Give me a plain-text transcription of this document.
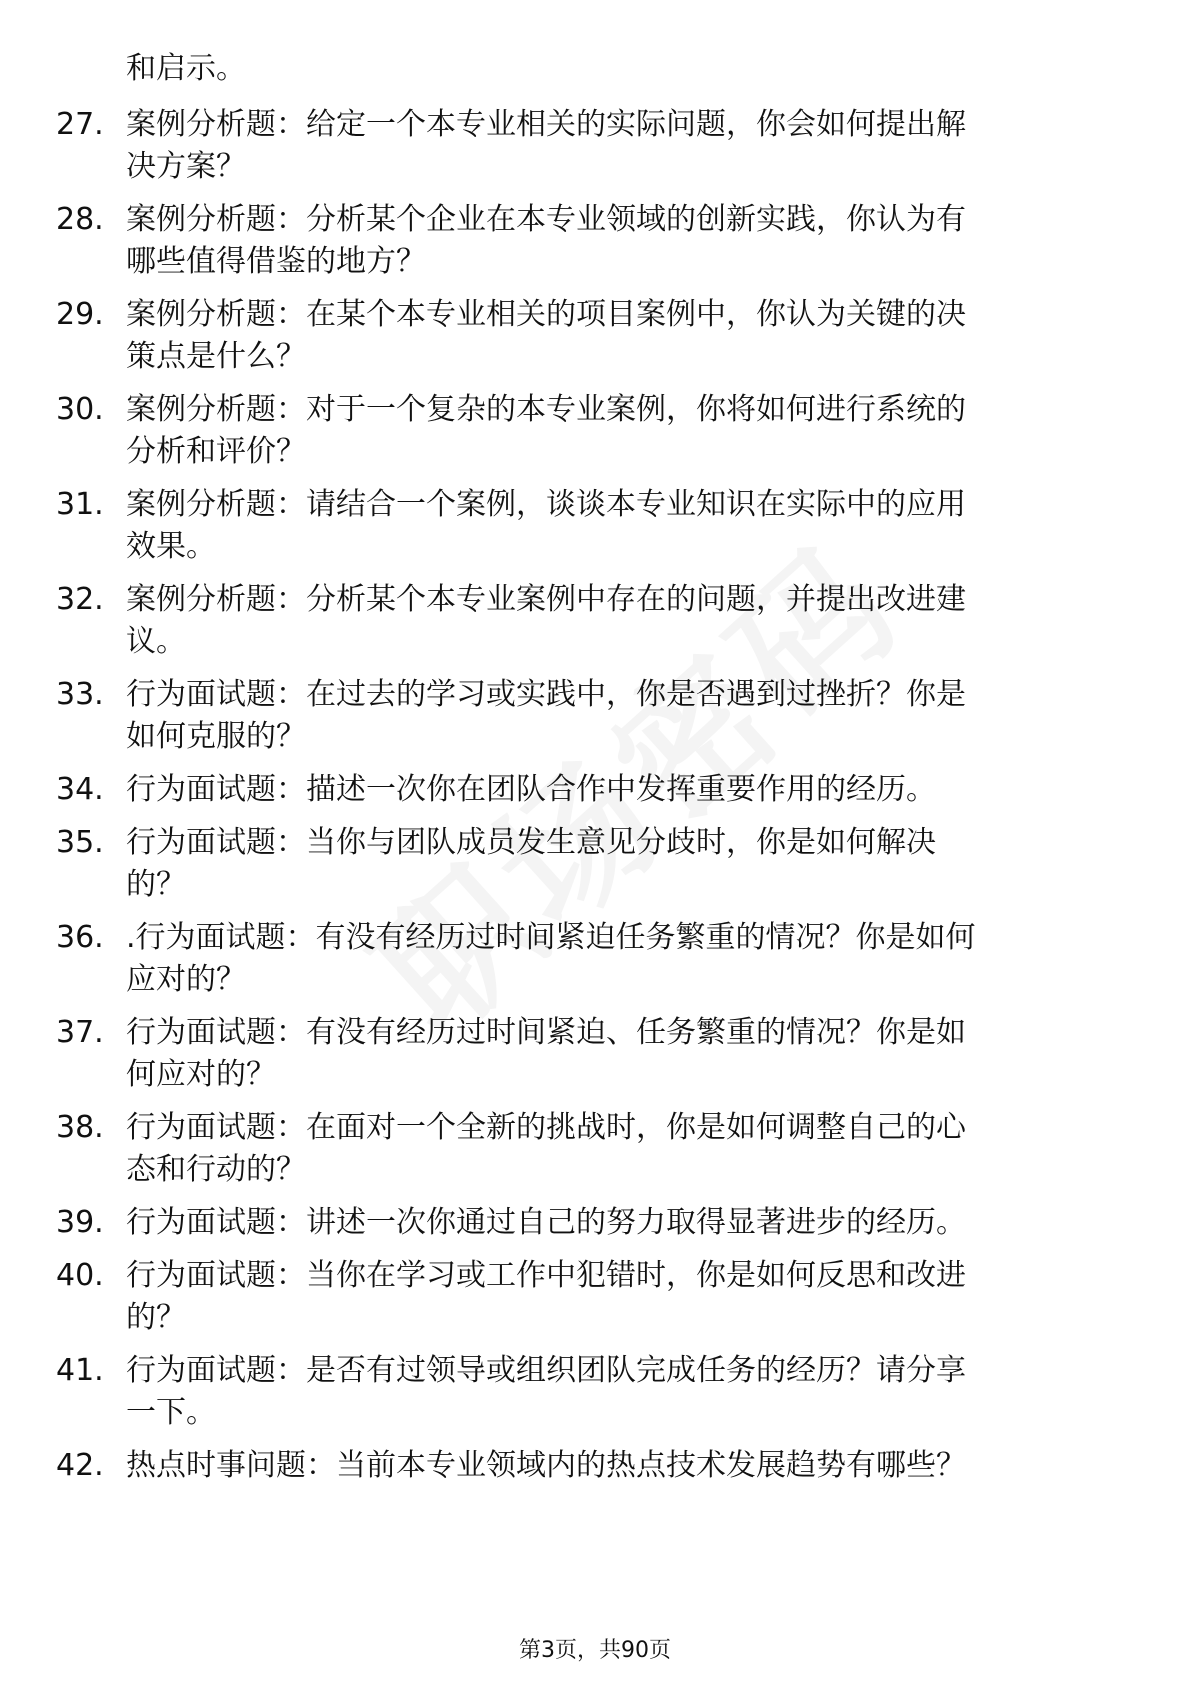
和启示。
27. 案例分析题：给定一个本专业相关的实际问题，你会如何提出解
决方案？
28. 案例分析题：分析某个企业在本专业领域的创新实践，你认为有
哪些值得借鉴的地方？
29. 案例分析题：在某个本专业相关的项目案例中，你认为关键的决
策点是什么？
30. 案例分析题：对于一个复杂的本专业案例，你将如何进行系统的
分析和评价？
31. 案例分析题：请结合一个案例，谈谈本专业知识在实际中的应用
效果。
32. 案例分析题：分析某个本专业案例中存在的问题，并提出改进建
议。
33. 行为面试题：在过去的学习或实践中，你是否遇到过挫折？你是
如何克服的？
34. 行为面试题：描述一次你在团队合作中发挥重要作用的经历。
35. 行为面试题：当你与团队成员发生意见分歧时，你是如何解决
的？
36. .行为面试题：有没有经历过时间紧迫任务繁重的情况？你是如何
应对的？
37. 行为面试题：有没有经历过时间紧迫、任务繁重的情况？你是如
何应对的？
38. 行为面试题：在面对一个全新的挑战时，你是如何调整自己的心
态和行动的？
39. 行为面试题：讲述一次你通过自己的努力取得显著进步的经历。
40. 行为面试题：当你在学习或工作中犯错时，你是如何反思和改进
的？
41. 行为面试题：是否有过领导或组织团队完成任务的经历？请分享
一下。
42. 热点时事问题：当前本专业领域内的热点技术发展趋势有哪些？
第3页，共90页
